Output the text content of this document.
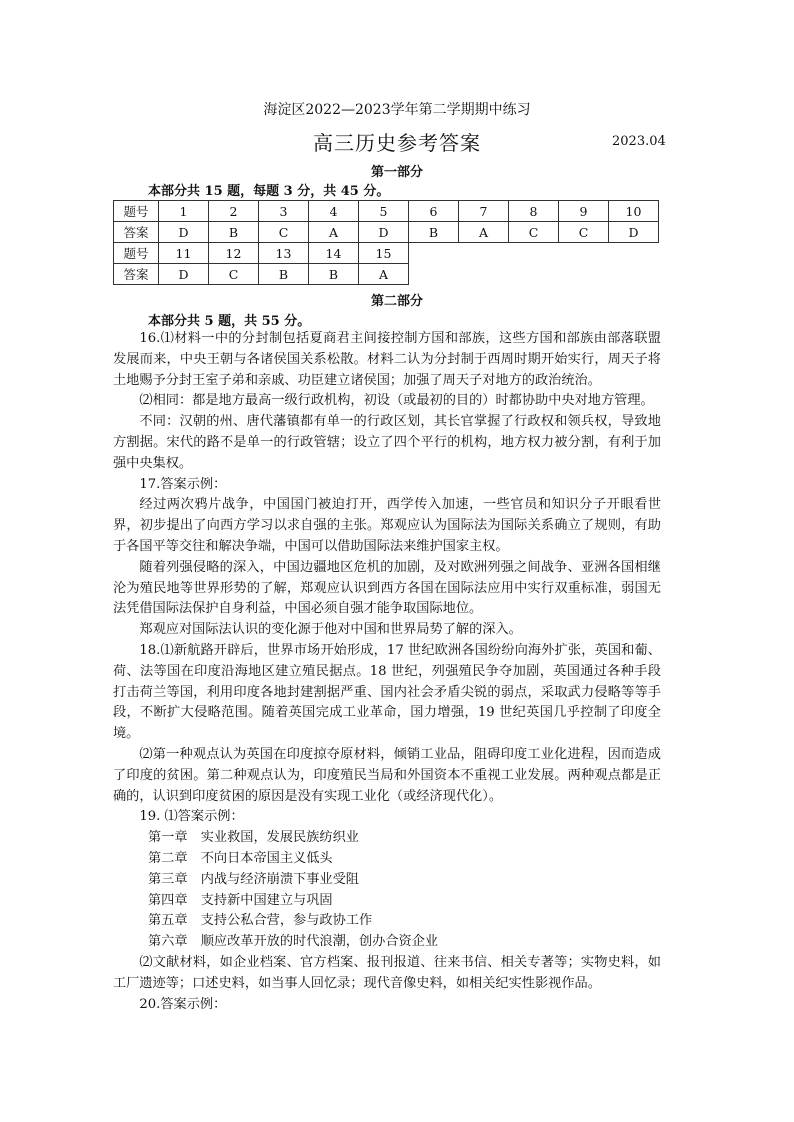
海淀区2022—2023学年第二学期期中练习
高三历史参考答案	2023.04
第一部分
本部分共 15 题，每题 3 分，共 45 分。
题号	1	2	3	4	5	6	7	8	9	10
答案	D	B	C	A	D	B	A	C	C	D
题号	11	12	13	14	15					
答案	D	C	B	B	A					
第二部分
本部分共 5 题，共 55 分。

16.⑴材料一中的分封制包括夏商君主间接控制方国和部族，这些方国和部族由部落联盟发展而来，中央王朝与各诸侯国关系松散。材料二认为分封制于西周时期开始实行，周天子将土地赐予分封王室子弟和亲戚、功臣建立诸侯国；加强了周天子对地方的政治统治。

⑵相同：都是地方最高一级行政机构，初设（或最初的目的）时都协助中央对地方管理。

不同：汉朝的州、唐代藩镇都有单一的行政区划，其长官掌握了行政权和领兵权，导致地方割据。宋代的路不是单一的行政管辖；设立了四个平行的机构，地方权力被分割，有利于加强中央集权。

17.答案示例：

经过两次鸦片战争，中国国门被迫打开，西学传入加速，一些官员和知识分子开眼看世界，初步提出了向西方学习以求自强的主张。郑观应认为国际法为国际关系确立了规则，有助于各国平等交往和解决争端，中国可以借助国际法来维护国家主权。

随着列强侵略的深入，中国边疆地区危机的加剧，及对欧洲列强之间战争、亚洲各国相继沦为殖民地等世界形势的了解，郑观应认识到西方各国在国际法应用中实行双重标准，弱国无法凭借国际法保护自身利益，中国必须自强才能争取国际地位。

郑观应对国际法认识的变化源于他对中国和世界局势了解的深入。

18.⑴新航路开辟后，世界市场开始形成，17 世纪欧洲各国纷纷向海外扩张，英国和葡、荷、法等国在印度沿海地区建立殖民据点。18 世纪，列强殖民争夺加剧，英国通过各种手段打击荷兰等国，利用印度各地封建割据严重、国内社会矛盾尖锐的弱点，采取武力侵略等等手段，不断扩大侵略范围。随着英国完成工业革命，国力增强，19 世纪英国几乎控制了印度全境。

⑵第一种观点认为英国在印度掠夺原材料，倾销工业品，阻碍印度工业化进程，因而造成了印度的贫困。第二种观点认为，印度殖民当局和外国资本不重视工业发展。两种观点都是正确的，认识到印度贫困的原因是没有实现工业化（或经济现代化）。

19. ⑴答案示例：

第一章　实业救国，发展民族纺织业

第二章　不向日本帝国主义低头

第三章　内战与经济崩溃下事业受阻

第四章　支持新中国建立与巩固

第五章　支持公私合营，参与政协工作

第六章　顺应改革开放的时代浪潮，创办合资企业

⑵文献材料，如企业档案、官方档案、报刊报道、往来书信、相关专著等；实物史料，如工厂遗迹等；口述史料，如当事人回忆录；现代音像史料，如相关纪实性影视作品。

20.答案示例：
